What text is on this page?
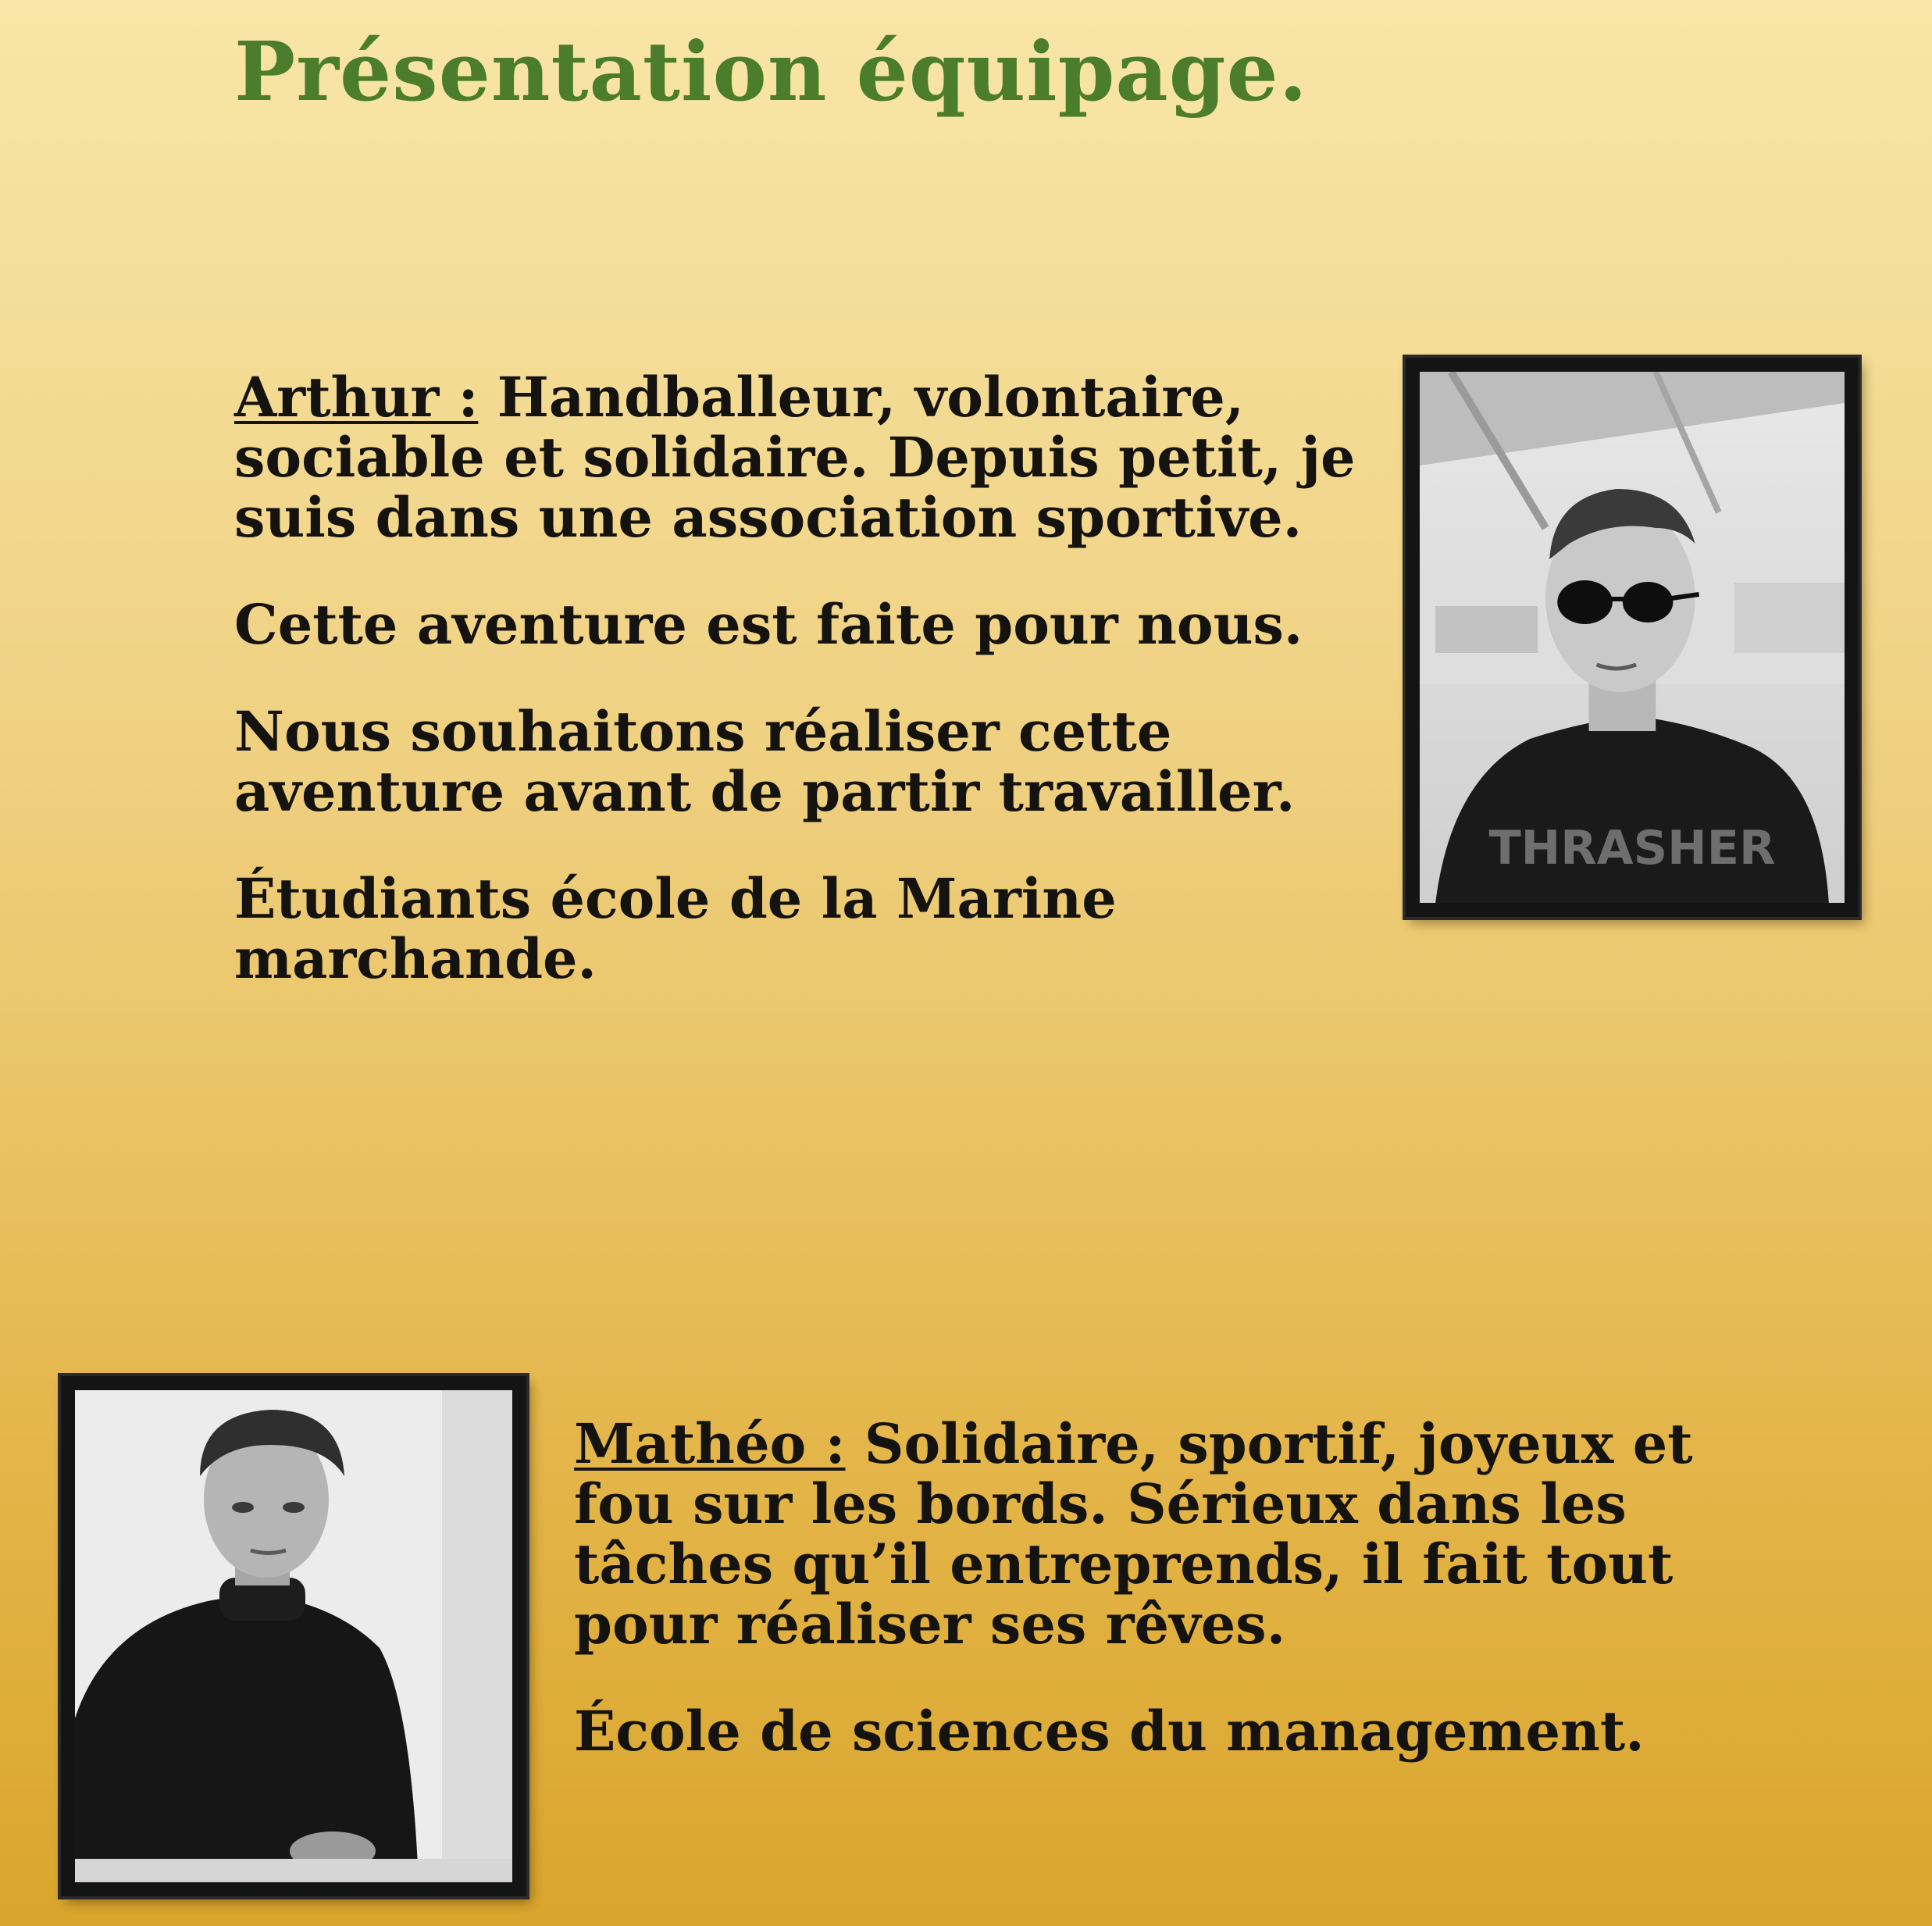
Présentation équipage.

Arthur : Handballeur, volontaire, sociable et solidaire. Depuis petit, je suis dans une association sportive.

Cette aventure est faite pour nous.

Nous souhaitons réaliser cette aventure avant de partir travailler.

Étudiants école de la Marine marchande.

THRASHER

Mathéo : Solidaire, sportif, joyeux et fou sur les bords. Sérieux dans les tâches qu’il entreprends, il fait tout pour réaliser ses rêves.

École de sciences du management.
